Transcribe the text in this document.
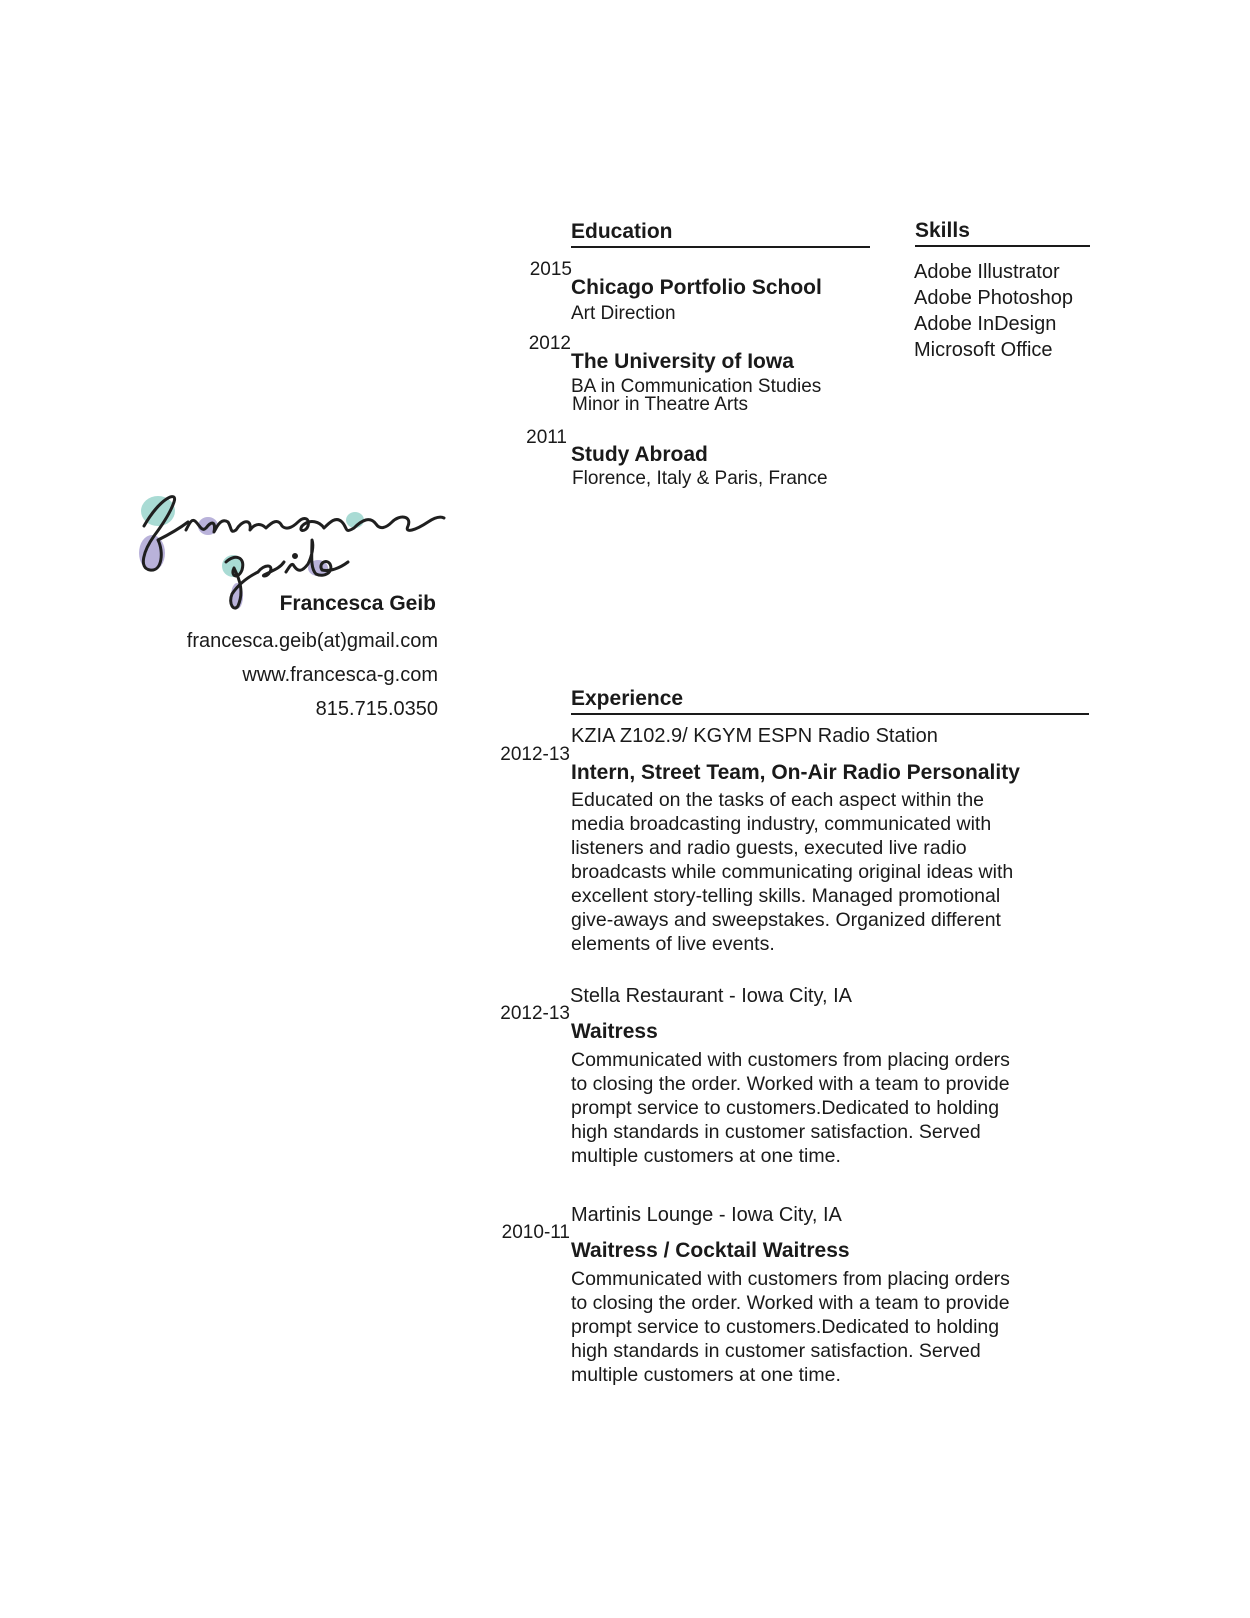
Francesca Geib
francesca.geib(at)gmail.com
www.francesca-g.com
815.715.0350
Education
2015
Chicago Portfolio School
Art Direction
2012
The University of Iowa
BA in Communication Studies
Minor in Theatre Arts
2011
Study Abroad
Florence, Italy & Paris, France
Skills
Adobe Illustrator
Adobe Photoshop
Adobe InDesign
Microsoft Office
Experience
2012-13
KZIA Z102.9/ KGYM ESPN Radio Station
Intern, Street Team, On-Air Radio Personality
Educated on the tasks of each aspect within the
media broadcasting industry, communicated with
listeners and radio guests, executed live radio
broadcasts while communicating original ideas with
excellent story-telling skills. Managed promotional
give-aways and sweepstakes. Organized different
elements of live events.
2012-13
Stella Restaurant - Iowa City, IA
Waitress
Communicated with customers from placing orders
to closing the order. Worked with a team to provide
prompt service to customers.Dedicated to holding
high standards in customer satisfaction. Served
multiple customers at one time.
2010-11
Martinis Lounge - Iowa City, IA
Waitress / Cocktail Waitress
Communicated with customers from placing orders
to closing the order. Worked with a team to provide
prompt service to customers.Dedicated to holding
high standards in customer satisfaction. Served
multiple customers at one time.
